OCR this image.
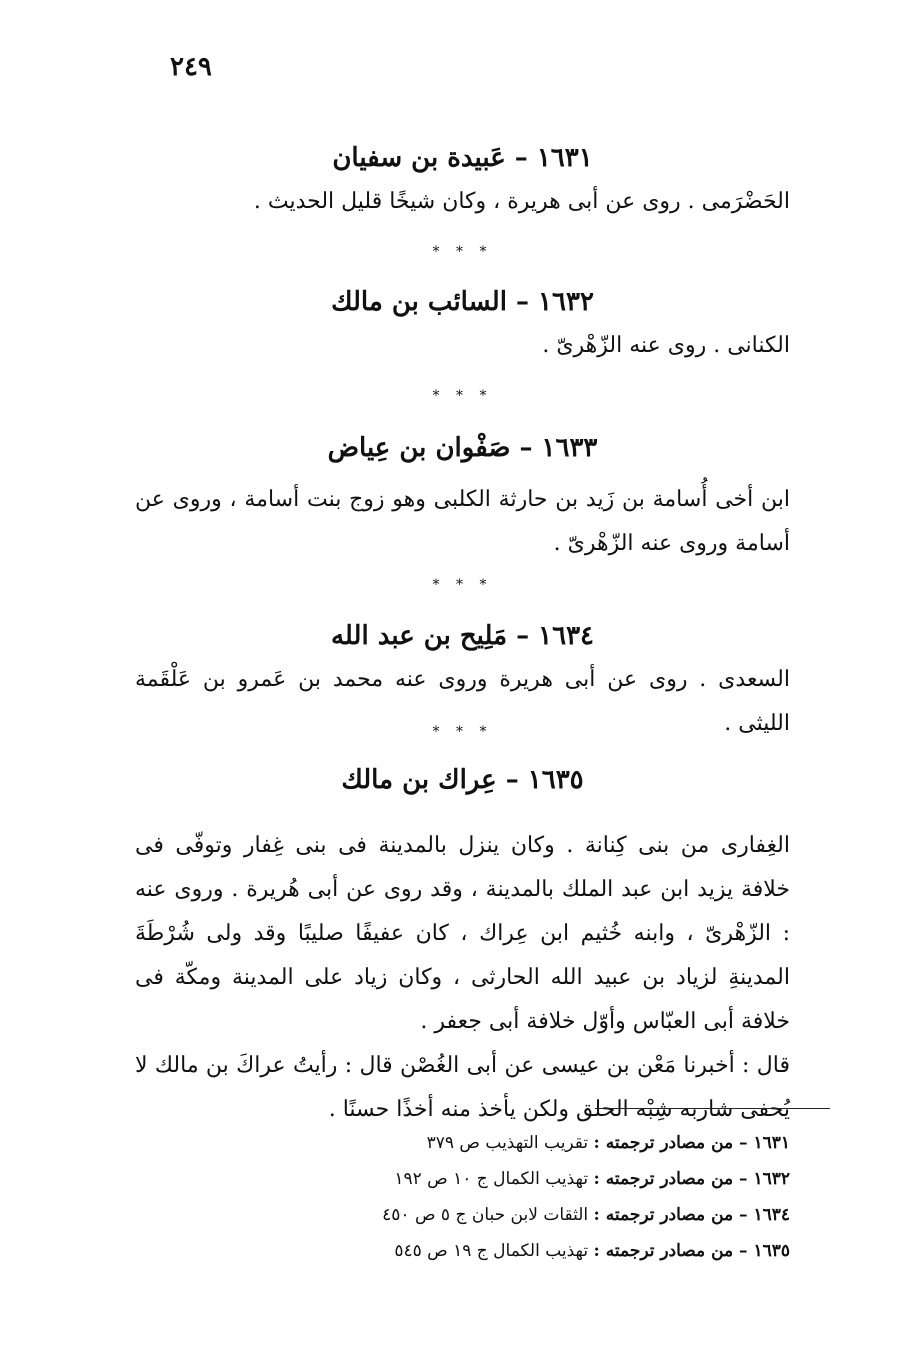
٢٤٩
١٦٣١ – عَبيدة بن سفيان

الحَضْرَمى . روى عن أبى هريرة ، وكان شيخًا قليل الحديث .

* * *
١٦٣٢ – السائب بن مالك

الكنانى . روى عنه الزّهْرىّ .

* * *
١٦٣٣ – صَفْوان بن عِياض

ابن أخى أُسامة بن زَيد بن حارثة الكلبى وهو زوج بنت أسامة ، وروى عن أسامة وروى عنه الزّهْرىّ .

* * *
١٦٣٤ – مَلِيح بن عبد الله

السعدى . روى عن أبى هريرة وروى عنه محمد بن عَمرو بن عَلْقَمة الليثى .

* * *
١٦٣٥ – عِراك بن مالك

الغِفارى من بنى كِنانة . وكان ينزل بالمدينة فى بنى غِفار وتوفّى فى خلافة يزيد ابن عبد الملك بالمدينة ، وقد روى عن أبى هُريرة . وروى عنه : الزّهْرىّ ، وابنه خُثيم ابن عِراك ، كان عفيفًا صليبًا وقد ولى شُرْطَةَ المدينةِ لزياد بن عبيد الله الحارثى ، وكان زياد على المدينة ومكّة فى خلافة أبى العبّاس وأوّل خلافة أبى جعفر .

قال : أخبرنا مَعْن بن عيسى عن أبى الغُصْن قال : رأيتُ عراكَ بن مالك لا يُحفى شاربه شِبْه الحلق ولكن يأخذ منه أخذًا حسنًا .

١٦٣١ – من مصادر ترجمته : تقريب التهذيب ص ٣٧٩

١٦٣٢ – من مصادر ترجمته : تهذيب الكمال ج ١٠ ص ١٩٢

١٦٣٤ – من مصادر ترجمته : الثقات لابن حبان ج ٥ ص ٤٥٠

١٦٣٥ – من مصادر ترجمته : تهذيب الكمال ج ١٩ ص ٥٤٥
